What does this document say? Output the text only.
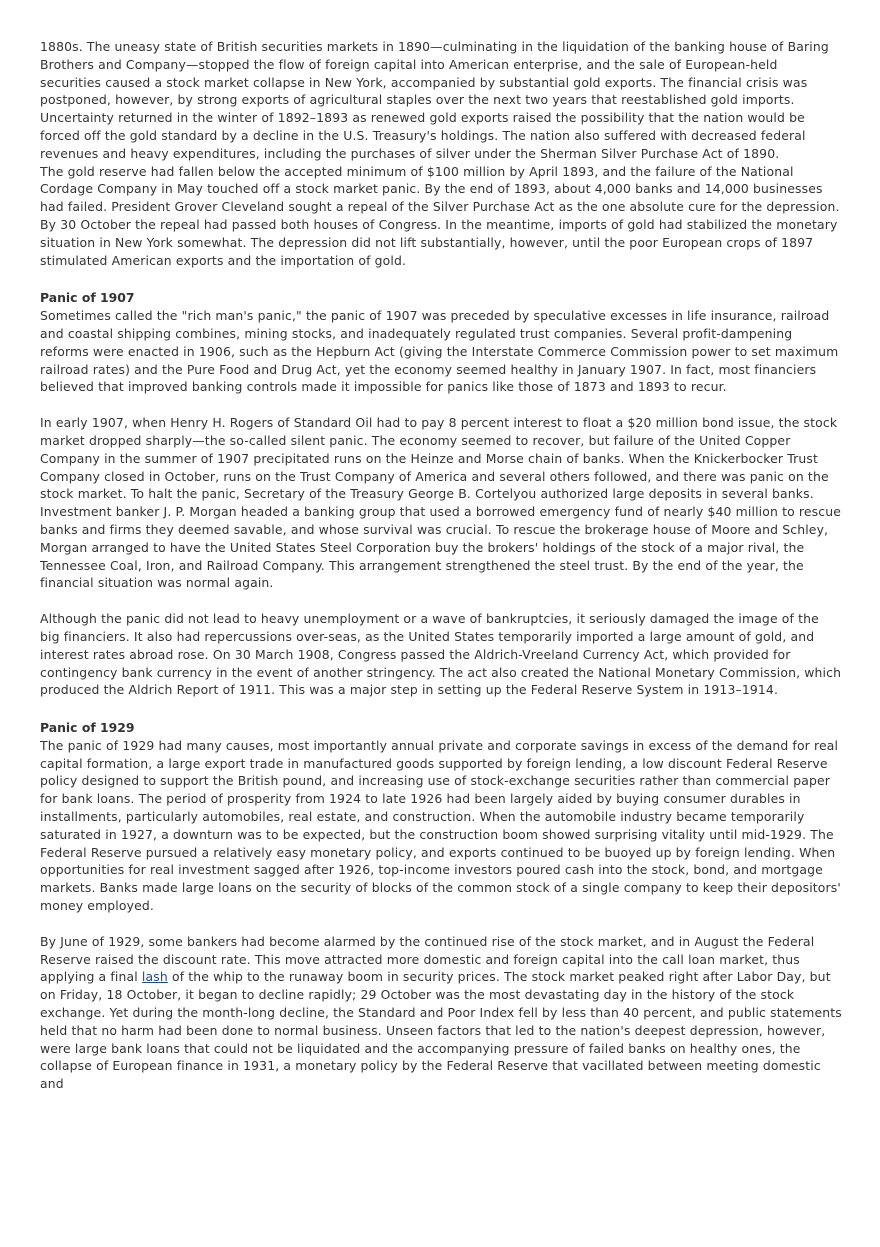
1880s. The uneasy state of British securities markets in 1890—culminating in the liquidation of the banking house of Baring Brothers and Company—stopped the flow of foreign capital into American enterprise, and the sale of European-held securities caused a stock market collapse in New York, accompanied by substantial gold exports. The financial crisis was postponed, however, by strong exports of agricultural staples over the next two years that reestablished gold imports. Uncertainty returned in the winter of 1892–1893 as renewed gold exports raised the possibility that the nation would be forced off the gold standard by a decline in the U.S. Treasury's holdings. The nation also suffered with decreased federal revenues and heavy expenditures, including the purchases of silver under the Sherman Silver Purchase Act of 1890.

The gold reserve had fallen below the accepted minimum of $100 million by April 1893, and the failure of the National Cordage Company in May touched off a stock market panic. By the end of 1893, about 4,000 banks and 14,000 businesses had failed. President Grover Cleveland sought a repeal of the Silver Purchase Act as the one absolute cure for the depression. By 30 October the repeal had passed both houses of Congress. In the meantime, imports of gold had stabilized the monetary situation in New York somewhat. The depression did not lift substantially, however, until the poor European crops of 1897 stimulated American exports and the importation of gold.

Panic of 1907

Sometimes called the "rich man's panic," the panic of 1907 was preceded by speculative excesses in life insurance, railroad and coastal shipping combines, mining stocks, and inadequately regulated trust companies. Several profit-dampening reforms were enacted in 1906, such as the Hepburn Act (giving the Interstate Commerce Commission power to set maximum railroad rates) and the Pure Food and Drug Act, yet the economy seemed healthy in January 1907. In fact, most financiers believed that improved banking controls made it impossible for panics like those of 1873 and 1893 to recur.

In early 1907, when Henry H. Rogers of Standard Oil had to pay 8 percent interest to float a $20 million bond issue, the stock market dropped sharply—the so-called silent panic. The economy seemed to recover, but failure of the United Copper Company in the summer of 1907 precipitated runs on the Heinze and Morse chain of banks. When the Knickerbocker Trust Company closed in October, runs on the Trust Company of America and several others followed, and there was panic on the stock market. To halt the panic, Secretary of the Treasury George B. Cortelyou authorized large deposits in several banks. Investment banker J. P. Morgan headed a banking group that used a borrowed emergency fund of nearly $40 million to rescue banks and firms they deemed savable, and whose survival was crucial. To rescue the brokerage house of Moore and Schley, Morgan arranged to have the United States Steel Corporation buy the brokers' holdings of the stock of a major rival, the Tennessee Coal, Iron, and Railroad Company. This arrangement strengthened the steel trust. By the end of the year, the financial situation was normal again.

Although the panic did not lead to heavy unemployment or a wave of bankruptcies, it seriously damaged the image of the big financiers. It also had repercussions over-seas, as the United States temporarily imported a large amount of gold, and interest rates abroad rose. On 30 March 1908, Congress passed the Aldrich-Vreeland Currency Act, which provided for contingency bank currency in the event of another stringency. The act also created the National Monetary Commission, which produced the Aldrich Report of 1911. This was a major step in setting up the Federal Reserve System in 1913–1914.

Panic of 1929

The panic of 1929 had many causes, most importantly annual private and corporate savings in excess of the demand for real capital formation, a large export trade in manufactured goods supported by foreign lending, a low discount Federal Reserve policy designed to support the British pound, and increasing use of stock-exchange securities rather than commercial paper for bank loans. The period of prosperity from 1924 to late 1926 had been largely aided by buying consumer durables in installments, particularly automobiles, real estate, and construction. When the automobile industry became temporarily saturated in 1927, a downturn was to be expected, but the construction boom showed surprising vitality until mid-1929. The Federal Reserve pursued a relatively easy monetary policy, and exports continued to be buoyed up by foreign lending. When opportunities for real investment sagged after 1926, top-income investors poured cash into the stock, bond, and mortgage markets. Banks made large loans on the security of blocks of the common stock of a single company to keep their depositors' money employed.

By June of 1929, some bankers had become alarmed by the continued rise of the stock market, and in August the Federal Reserve raised the discount rate. This move attracted more domestic and foreign capital into the call loan market, thus applying a final lash of the whip to the runaway boom in security prices. The stock market peaked right after Labor Day, but on Friday, 18 October, it began to decline rapidly; 29 October was the most devastating day in the history of the stock exchange. Yet during the month-long decline, the Standard and Poor Index fell by less than 40 percent, and public statements held that no harm had been done to normal business. Unseen factors that led to the nation's deepest depression, however, were large bank loans that could not be liquidated and the accompanying pressure of failed banks on healthy ones, the collapse of European finance in 1931, a monetary policy by the Federal Reserve that vacillated between meeting domestic and
